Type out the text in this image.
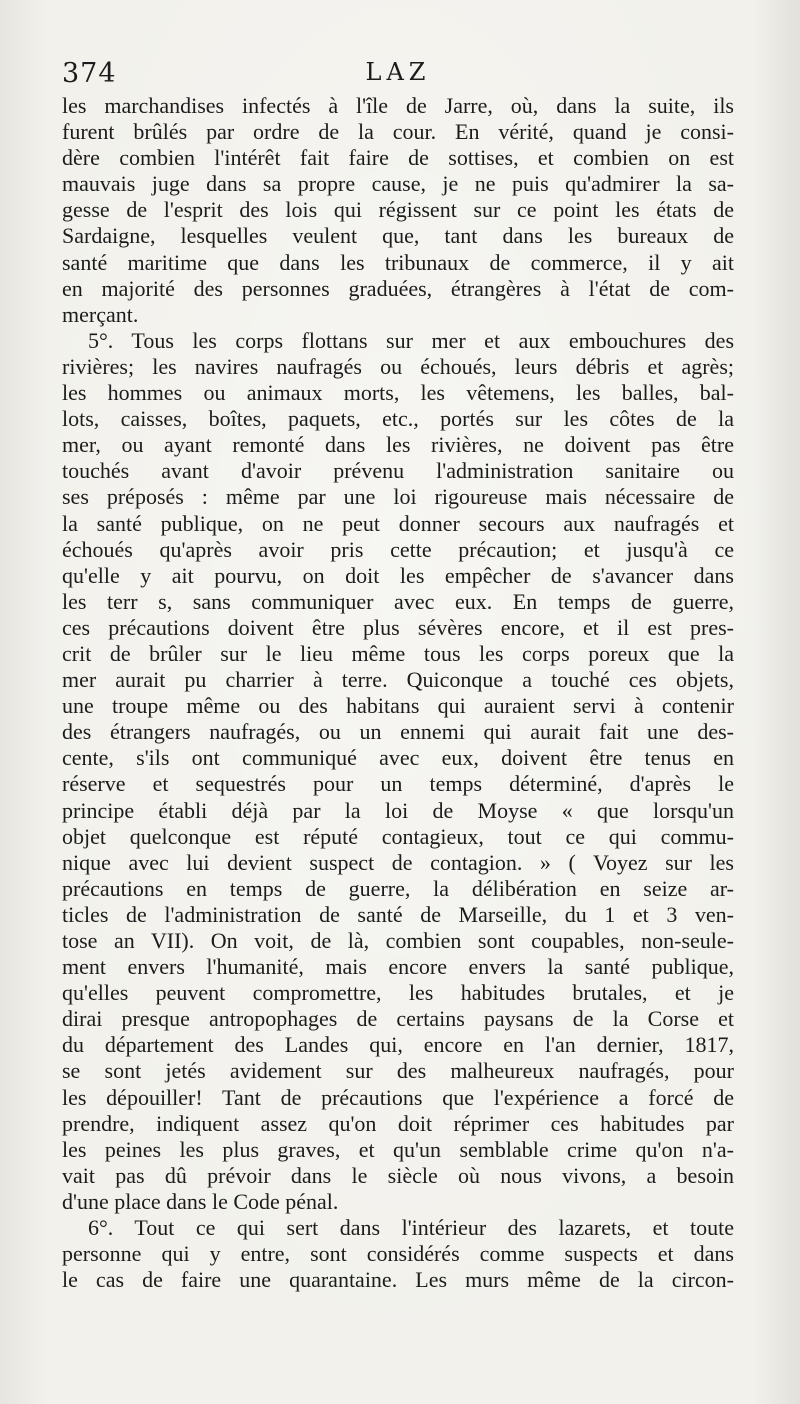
374	LAZ
les marchandises infectés à l'île de Jarre, où, dans la suite, ils
furent brûlés par ordre de la cour. En vérité, quand je consi-
dère combien l'intérêt fait faire de sottises, et combien on est
mauvais juge dans sa propre cause, je ne puis qu'admirer la sa-
gesse de l'esprit des lois qui régissent sur ce point les états de
Sardaigne, lesquelles veulent que, tant dans les bureaux de
santé maritime que dans les tribunaux de commerce, il y ait
en majorité des personnes graduées, étrangères à l'état de com-
merçant.
5°. Tous les corps flottans sur mer et aux embouchures des
rivières; les navires naufragés ou échoués, leurs débris et agrès;
les hommes ou animaux morts, les vêtemens, les balles, bal-
lots, caisses, boîtes, paquets, etc., portés sur les côtes de la
mer, ou ayant remonté dans les rivières, ne doivent pas être
touchés avant d'avoir prévenu l'administration sanitaire ou
ses préposés : même par une loi rigoureuse mais nécessaire de
la santé publique, on ne peut donner secours aux naufragés et
échoués qu'après avoir pris cette précaution; et jusqu'à ce
qu'elle y ait pourvu, on doit les empêcher de s'avancer dans
les terr s, sans communiquer avec eux. En temps de guerre,
ces précautions doivent être plus sévères encore, et il est pres-
crit de brûler sur le lieu même tous les corps poreux que la
mer aurait pu charrier à terre. Quiconque a touché ces objets,
une troupe même ou des habitans qui auraient servi à contenir
des étrangers naufragés, ou un ennemi qui aurait fait une des-
cente, s'ils ont communiqué avec eux, doivent être tenus en
réserve et sequestrés pour un temps déterminé, d'après le
principe établi déjà par la loi de Moyse « que lorsqu'un
objet quelconque est réputé contagieux, tout ce qui commu-
nique avec lui devient suspect de contagion. » ( Voyez sur les
précautions en temps de guerre, la délibération en seize ar-
ticles de l'administration de santé de Marseille, du 1 et 3 ven-
tose an VII). On voit, de là, combien sont coupables, non-seule-
ment envers l'humanité, mais encore envers la santé publique,
qu'elles peuvent compromettre, les habitudes brutales, et je
dirai presque antropophages de certains paysans de la Corse et
du département des Landes qui, encore en l'an dernier, 1817,
se sont jetés avidement sur des malheureux naufragés, pour
les dépouiller! Tant de précautions que l'expérience a forcé de
prendre, indiquent assez qu'on doit réprimer ces habitudes par
les peines les plus graves, et qu'un semblable crime qu'on n'a-
vait pas dû prévoir dans le siècle où nous vivons, a besoin
d'une place dans le Code pénal.
6°. Tout ce qui sert dans l'intérieur des lazarets, et toute
personne qui y entre, sont considérés comme suspects et dans
le cas de faire une quarantaine. Les murs même de la circon-
